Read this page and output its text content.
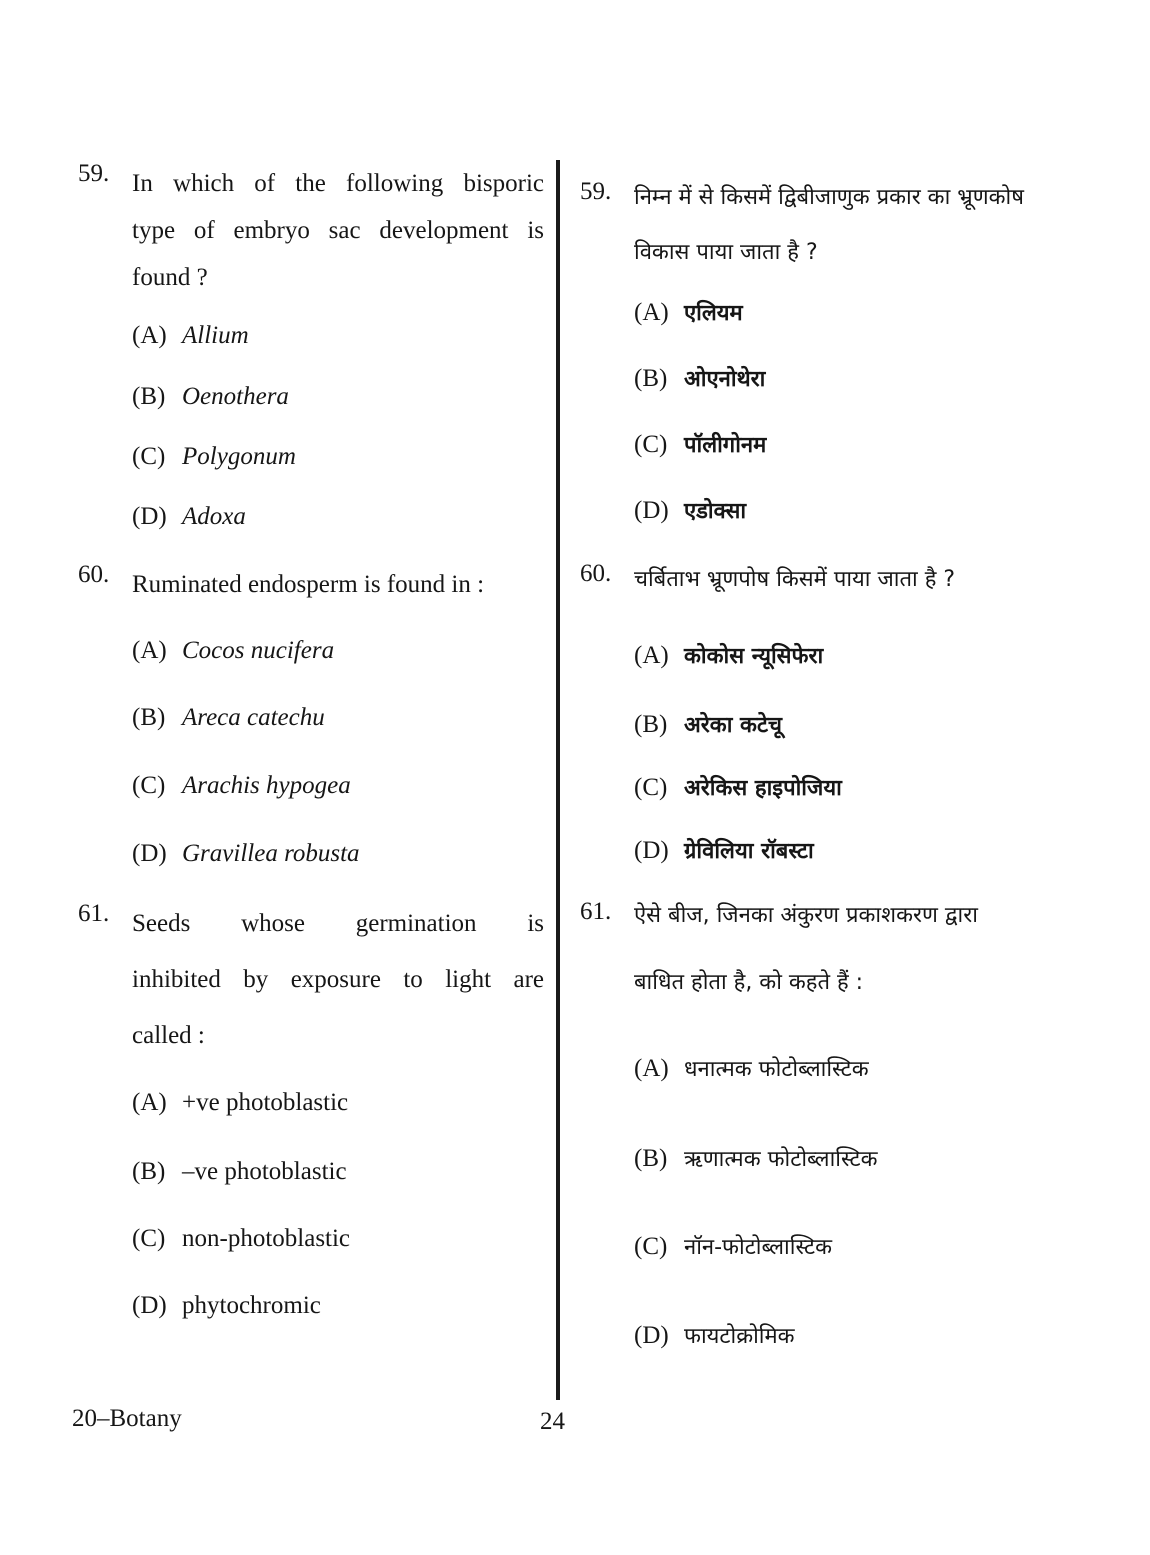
59. In which of the following bisporic
type of embryo sac development is
found ?
(A) Allium
(B) Oenothera
(C) Polygonum
(D) Adoxa
60. Ruminated endosperm is found in :
(A) Cocos nucifera
(B) Areca catechu
(C) Arachis hypogea
(D) Gravillea robusta
61. Seeds whose germination is
inhibited by exposure to light are
called :
(A) +ve photoblastic
(B) –ve photoblastic
(C) non-photoblastic
(D) phytochromic
59. निम्न में से किसमें द्विबीजाणुक प्रकार का भ्रूणकोष
विकास पाया जाता है ?
(A) एलियम
(B) ओएनोथेरा
(C) पॉलीगोनम
(D) एडोक्सा
60. चर्बिताभ भ्रूणपोष किसमें पाया जाता है ?
(A) कोकोस न्यूसिफेरा
(B) अरेका कटेचू
(C) अरेकिस हाइपोजिया
(D) ग्रेविलिया रॉबस्टा
61. ऐसे बीज, जिनका अंकुरण प्रकाशकरण द्वारा
बाधित होता है, को कहते हैं :
(A) धनात्मक फोटोब्लास्टिक
(B) ऋणात्मक फोटोब्लास्टिक
(C) नॉन-फोटोब्लास्टिक
(D) फायटोक्रोमिक
20–Botany	24
